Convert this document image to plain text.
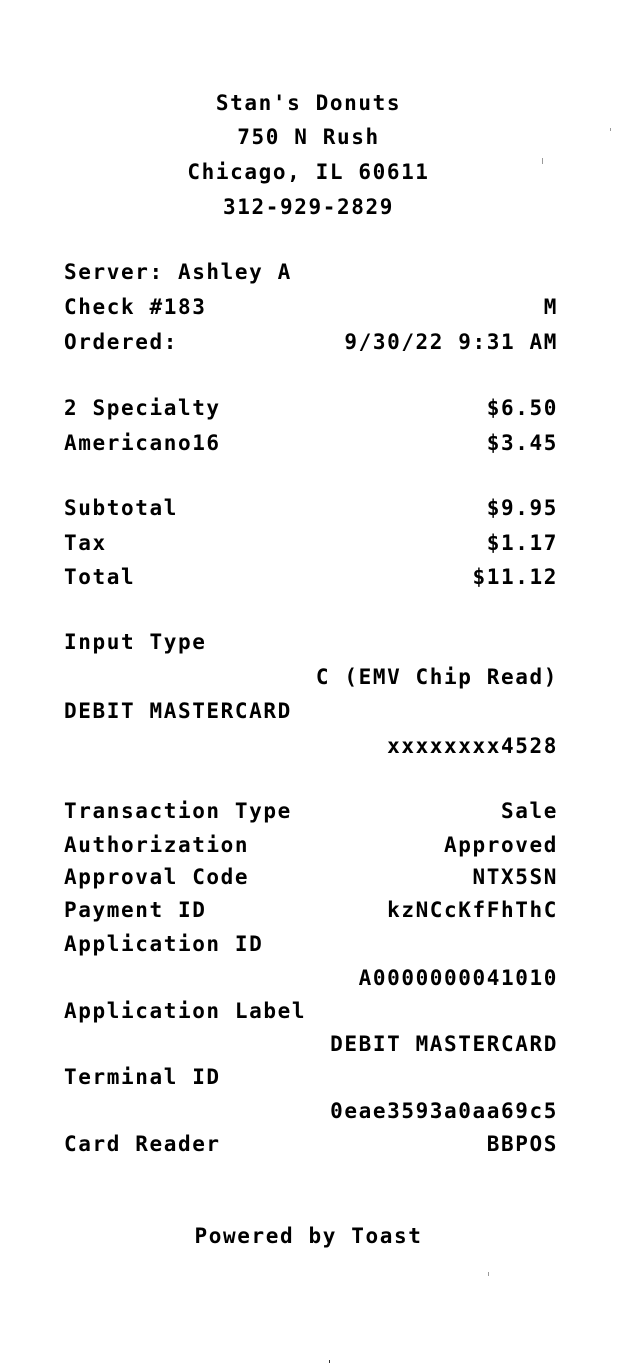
Stan's Donuts
750 N Rush
Chicago, IL 60611
312-929-2829
Server: Ashley A
Check #183	M
Ordered:	9/30/22 9:31 AM
2 Specialty	$6.50
Americano16	$3.45
Subtotal	$9.95
Tax	$1.17
Total	$11.12
Input Type
C (EMV Chip Read)
DEBIT MASTERCARD
xxxxxxxx4528
Transaction Type	Sale
Authorization	Approved
Approval Code	NTX5SN
Payment ID	kzNCcKfFhThC
Application ID
A0000000041010
Application Label
DEBIT MASTERCARD
Terminal ID
0eae3593a0aa69c5
Card Reader	BBPOS
Powered by Toast
